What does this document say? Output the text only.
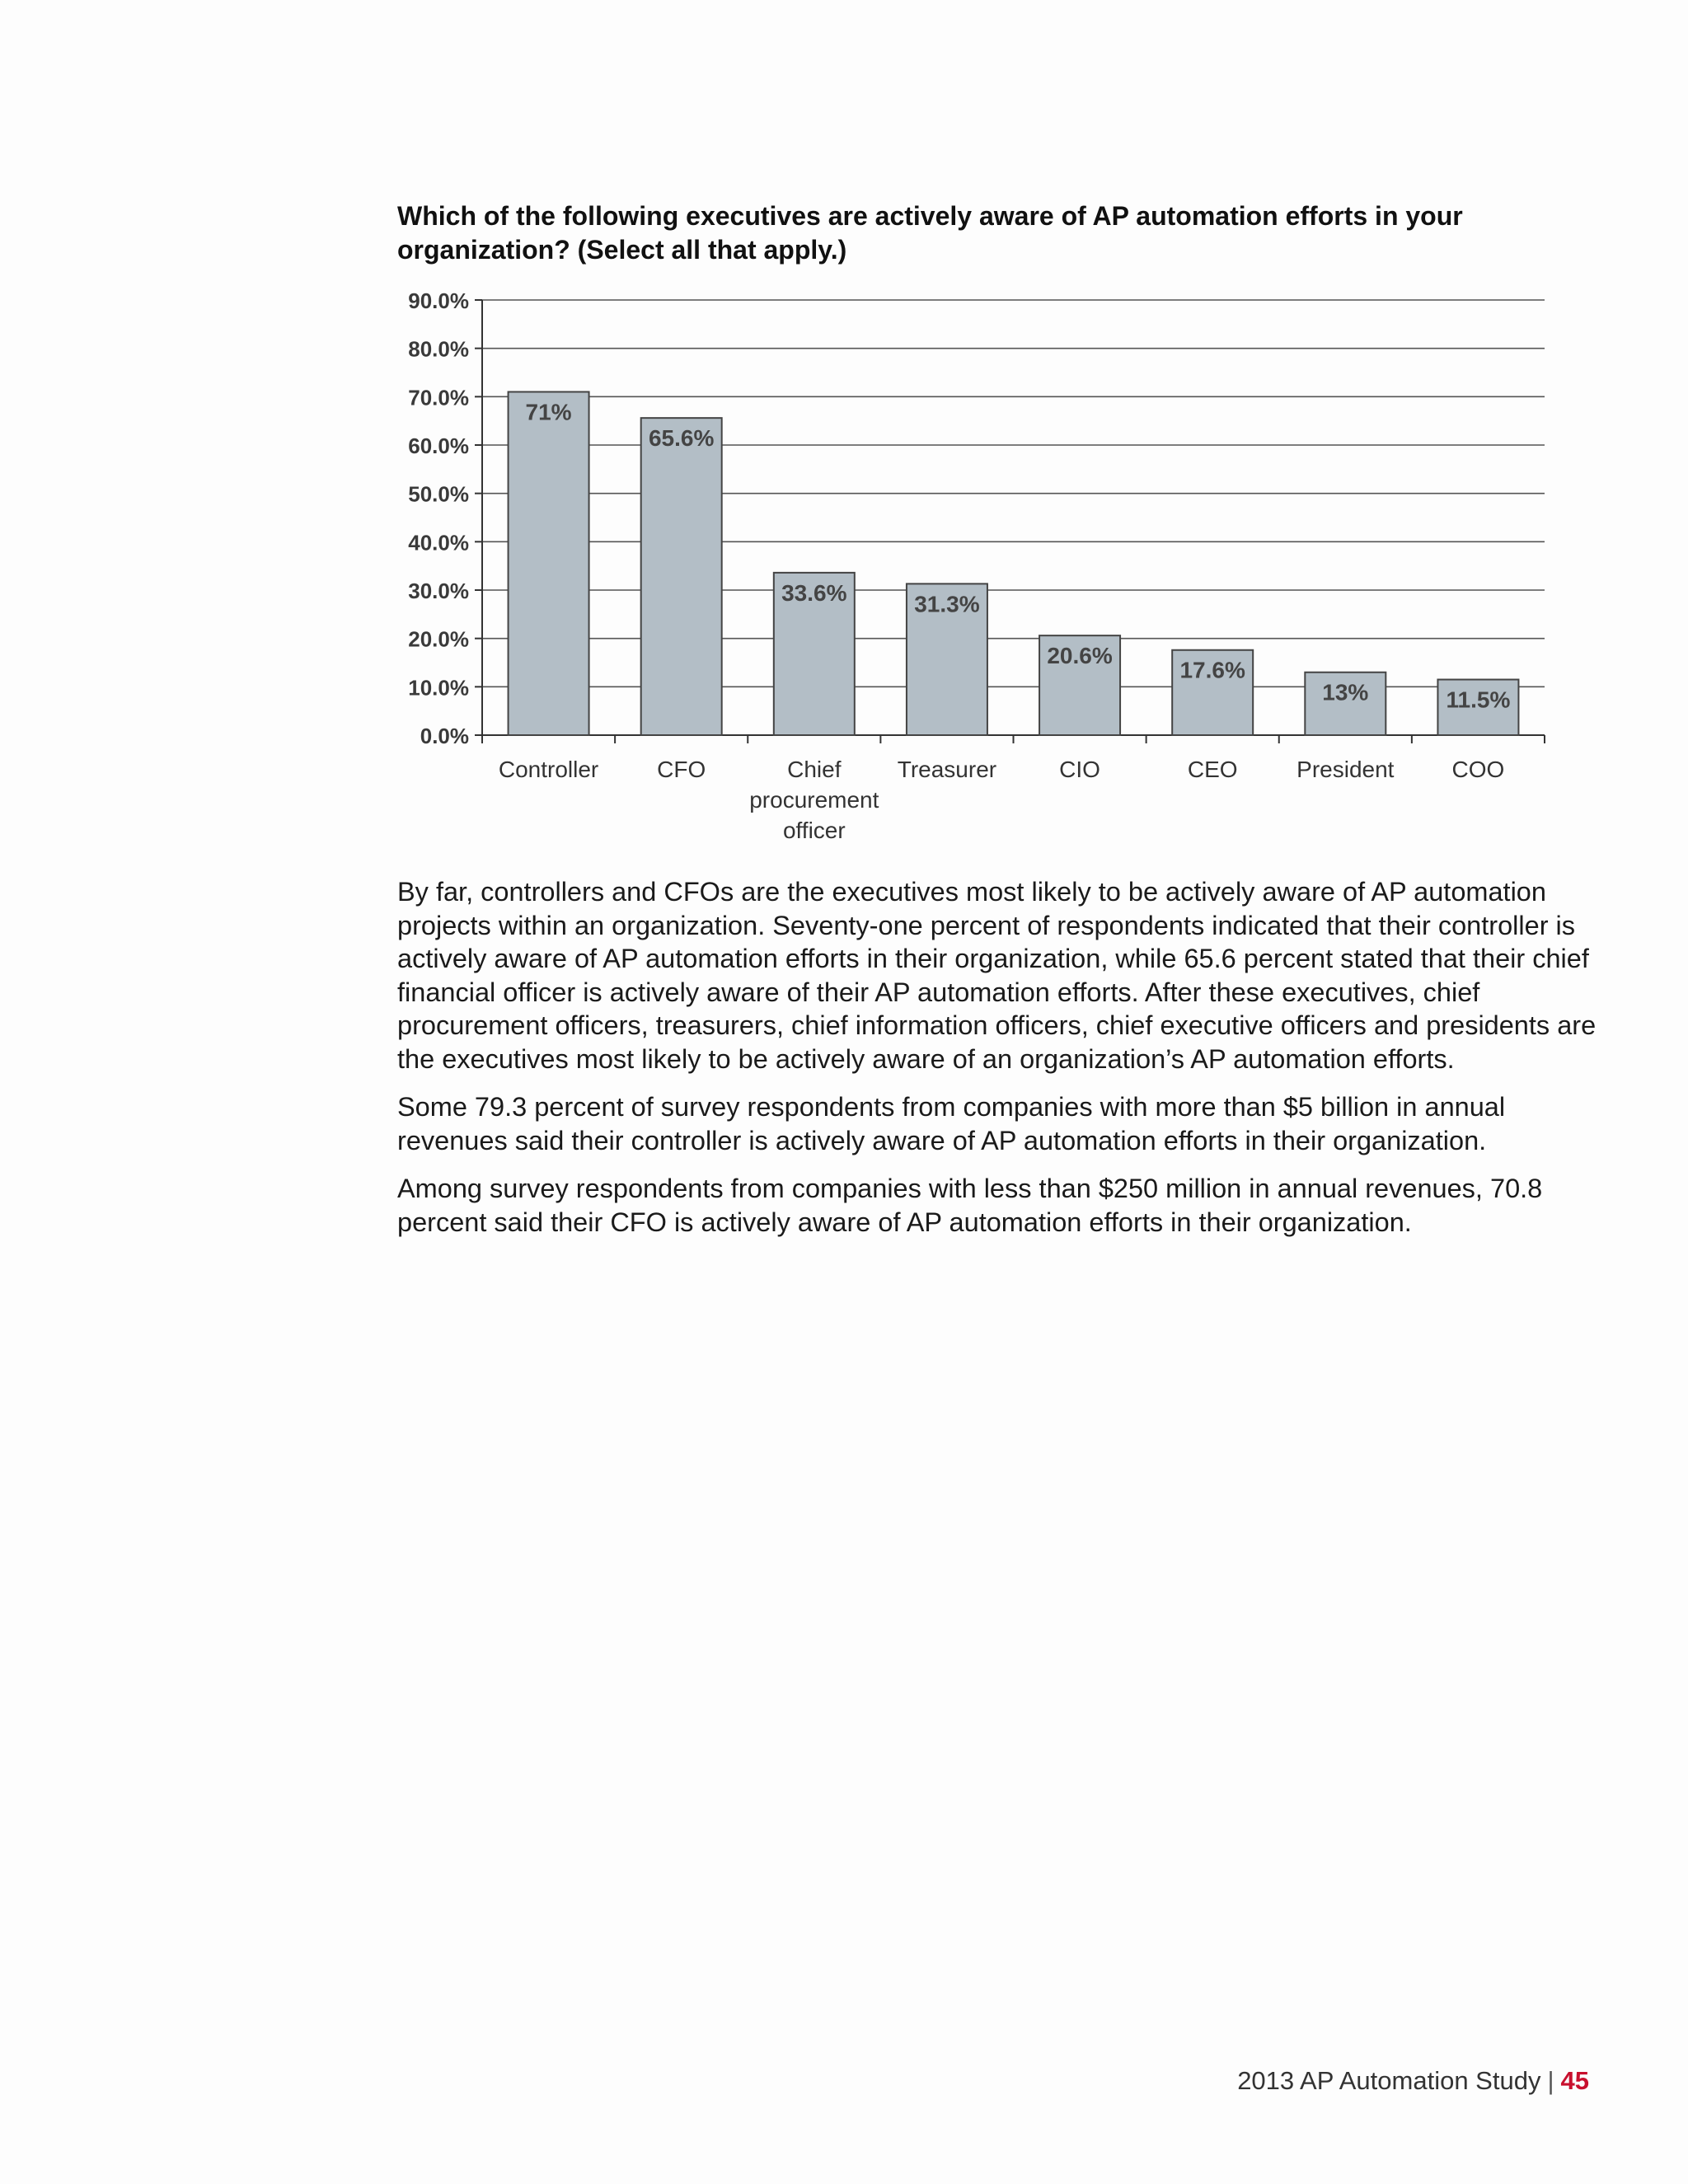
Which of the following executives are actively aware of AP automation efforts in your organization? (Select all that apply.)
71%
65.6%
33.6%	31.3%
20.6%
17.6%
13%	11.5%
0.0%
10.0%
20.0%
30.0%
40.0%
50.0%
60.0%
70.0%
80.0%
90.0%
Controller	CFO	Chief
procurement
officer
Treasurer	CIO	CEO	President	COO

By far, controllers and CFOs are the executives most likely to be actively aware of AP automation projects within an organization. Seventy-one percent of respondents indicated that their controller is actively aware of AP automation efforts in their organization, while 65.6 percent stated that their chief financial officer is actively aware of their AP automation efforts. After these executives, chief procurement officers, treasurers, chief information officers, chief executive officers and presidents are the executives most likely to be actively aware of an organization’s AP automation efforts.

Some 79.3 percent of survey respondents from companies with more than $5 billion in annual revenues said their controller is actively aware of AP automation efforts in their organization.

Among survey respondents from companies with less than $250 million in annual revenues, 70.8 percent said their CFO is actively aware of AP automation efforts in their organization.

2013 AP Automation Study | 45
